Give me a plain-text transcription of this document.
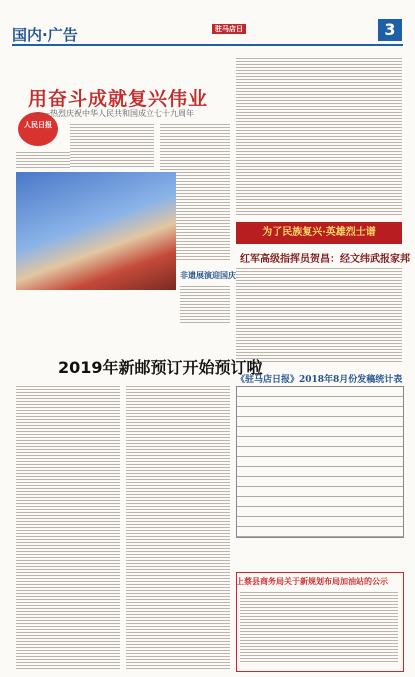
国内·广告	驻马店日报	3
人民日报
用奋斗成就复兴伟业
——热烈庆祝中华人民共和国成立七十九周年
非遗展演迎国庆
为了民族复兴·英雄烈士谱
红军高级指挥员贺昌：经文纬武报家邦
2019年新邮预订开始预订啦
《驻马店日报》2018年8月份发稿统计表
上蔡县商务局关于新规划布局加油站的公示
